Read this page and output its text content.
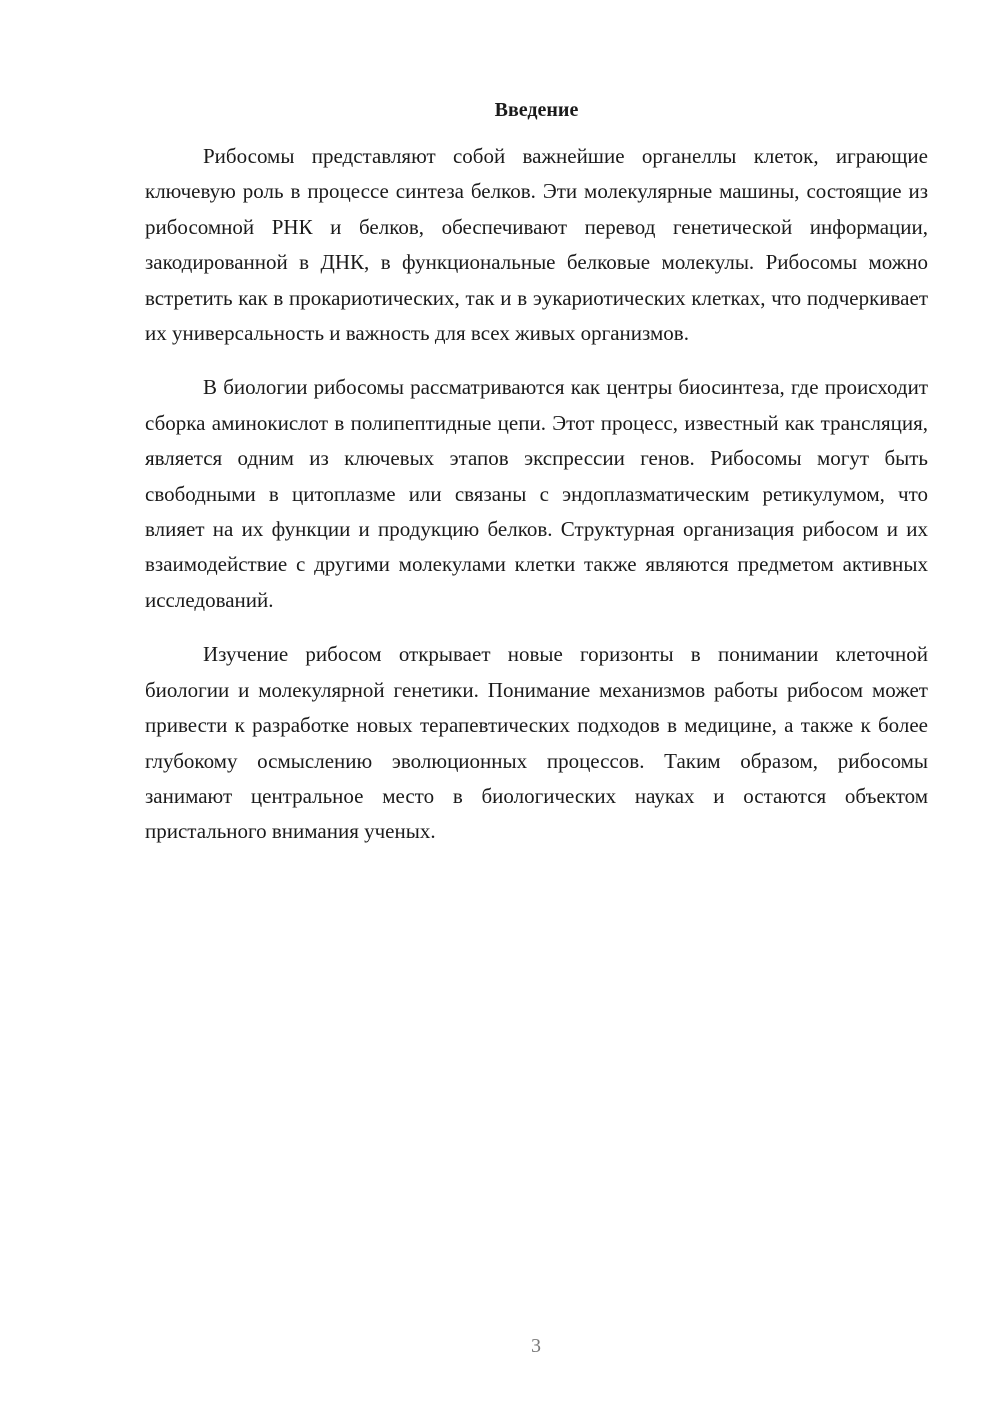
Введение

Рибосомы представляют собой важнейшие органеллы клеток, играющие ключевую роль в процессе синтеза белков. Эти молекулярные машины, состоящие из рибосомной РНК и белков, обеспечивают перевод генетической информации, закодированной в ДНК, в функциональные белковые молекулы. Рибосомы можно встретить как в прокариотических, так и в эукариотических клетках, что подчеркивает их универсальность и важность для всех живых организмов.

В биологии рибосомы рассматриваются как центры биосинтеза, где происходит сборка аминокислот в полипептидные цепи. Этот процесс, известный как трансляция, является одним из ключевых этапов экспрессии генов. Рибосомы могут быть свободными в цитоплазме или связаны с эндоплазматическим ретикулумом, что влияет на их функции и продукцию белков. Структурная организация рибосом и их взаимодействие с другими молекулами клетки также являются предметом активных исследований.

Изучение рибосом открывает новые горизонты в понимании клеточной биологии и молекулярной генетики. Понимание механизмов работы рибосом может привести к разработке новых терапевтических подходов в медицине, а также к более глубокому осмыслению эволюционных процессов. Таким образом, рибосомы занимают центральное место в биологических науках и остаются объектом пристального внимания ученых.

3
